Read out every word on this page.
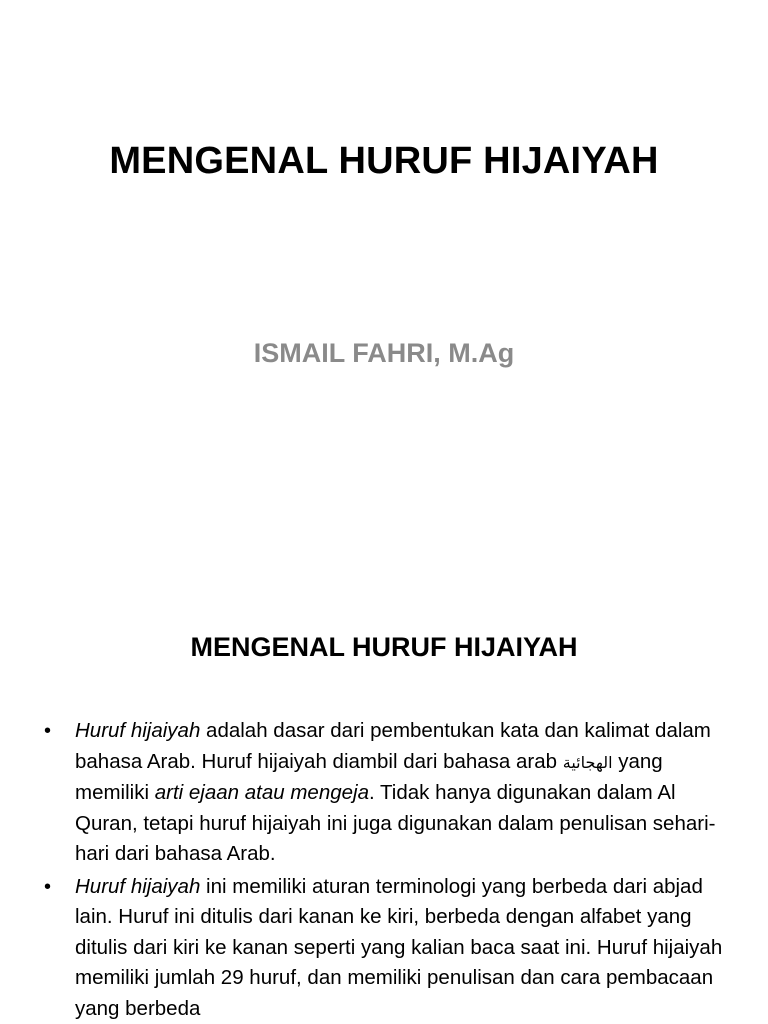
MENGENAL HURUF HIJAIYAH
ISMAIL FAHRI, M.Ag
MENGENAL HURUF HIJAIYAH
• Huruf hijaiyah adalah dasar dari pembentukan kata dan kalimat dalam bahasa Arab. Huruf hijaiyah diambil dari bahasa arab الهجائية yang memiliki arti ejaan atau mengeja. Tidak hanya digunakan dalam Al Quran, tetapi huruf hijaiyah ini juga digunakan dalam penulisan sehari-hari dari bahasa Arab.
• Huruf hijaiyah ini memiliki aturan terminologi yang berbeda dari abjad lain. Huruf ini ditulis dari kanan ke kiri, berbeda dengan alfabet yang ditulis dari kiri ke kanan seperti yang kalian baca saat ini. Huruf hijaiyah memiliki jumlah 29 huruf, dan memiliki penulisan dan cara pembacaan yang berbeda
